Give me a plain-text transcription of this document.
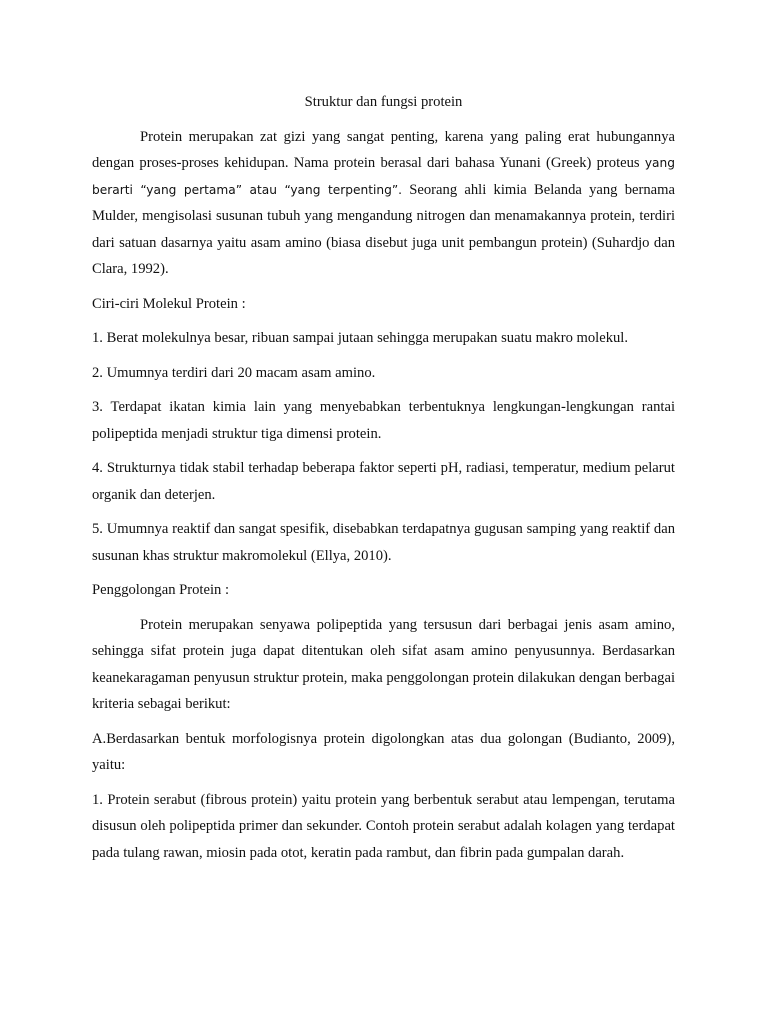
Struktur dan fungsi protein

Protein merupakan zat gizi yang sangat penting, karena yang paling erat hubungannya dengan proses-proses kehidupan. Nama protein berasal dari bahasa Yunani (Greek) proteus yang berarti “yang pertama” atau “yang terpenting”. Seorang ahli kimia Belanda yang bernama Mulder, mengisolasi susunan tubuh yang mengandung nitrogen dan menamakannya protein, terdiri dari satuan dasarnya yaitu asam amino (biasa disebut juga unit pembangun protein) (Suhardjo dan Clara, 1992).

Ciri-ciri Molekul Protein :

1. Berat molekulnya besar, ribuan sampai jutaan sehingga merupakan suatu makro molekul.

2. Umumnya terdiri dari 20 macam asam amino.

3. Terdapat ikatan kimia lain yang menyebabkan terbentuknya lengkungan-lengkungan rantai polipeptida menjadi struktur tiga dimensi protein.

4. Strukturnya tidak stabil terhadap beberapa faktor seperti pH, radiasi, temperatur, medium pelarut organik dan deterjen.

5. Umumnya reaktif dan sangat spesifik, disebabkan terdapatnya gugusan samping yang reaktif dan susunan khas struktur makromolekul (Ellya, 2010).

Penggolongan Protein :

Protein merupakan senyawa polipeptida yang tersusun dari berbagai jenis asam amino, sehingga sifat protein juga dapat ditentukan oleh sifat asam amino penyusunnya. Berdasarkan keanekaragaman penyusun struktur protein, maka penggolongan protein dilakukan dengan berbagai kriteria sebagai berikut:

A.Berdasarkan bentuk morfologisnya protein digolongkan atas dua golongan (Budianto, 2009), yaitu:

1. Protein serabut (fibrous protein) yaitu protein yang berbentuk serabut atau lempengan, terutama disusun oleh polipeptida primer dan sekunder. Contoh protein serabut adalah kolagen yang terdapat pada tulang rawan, miosin pada otot, keratin pada rambut, dan fibrin pada gumpalan darah.
